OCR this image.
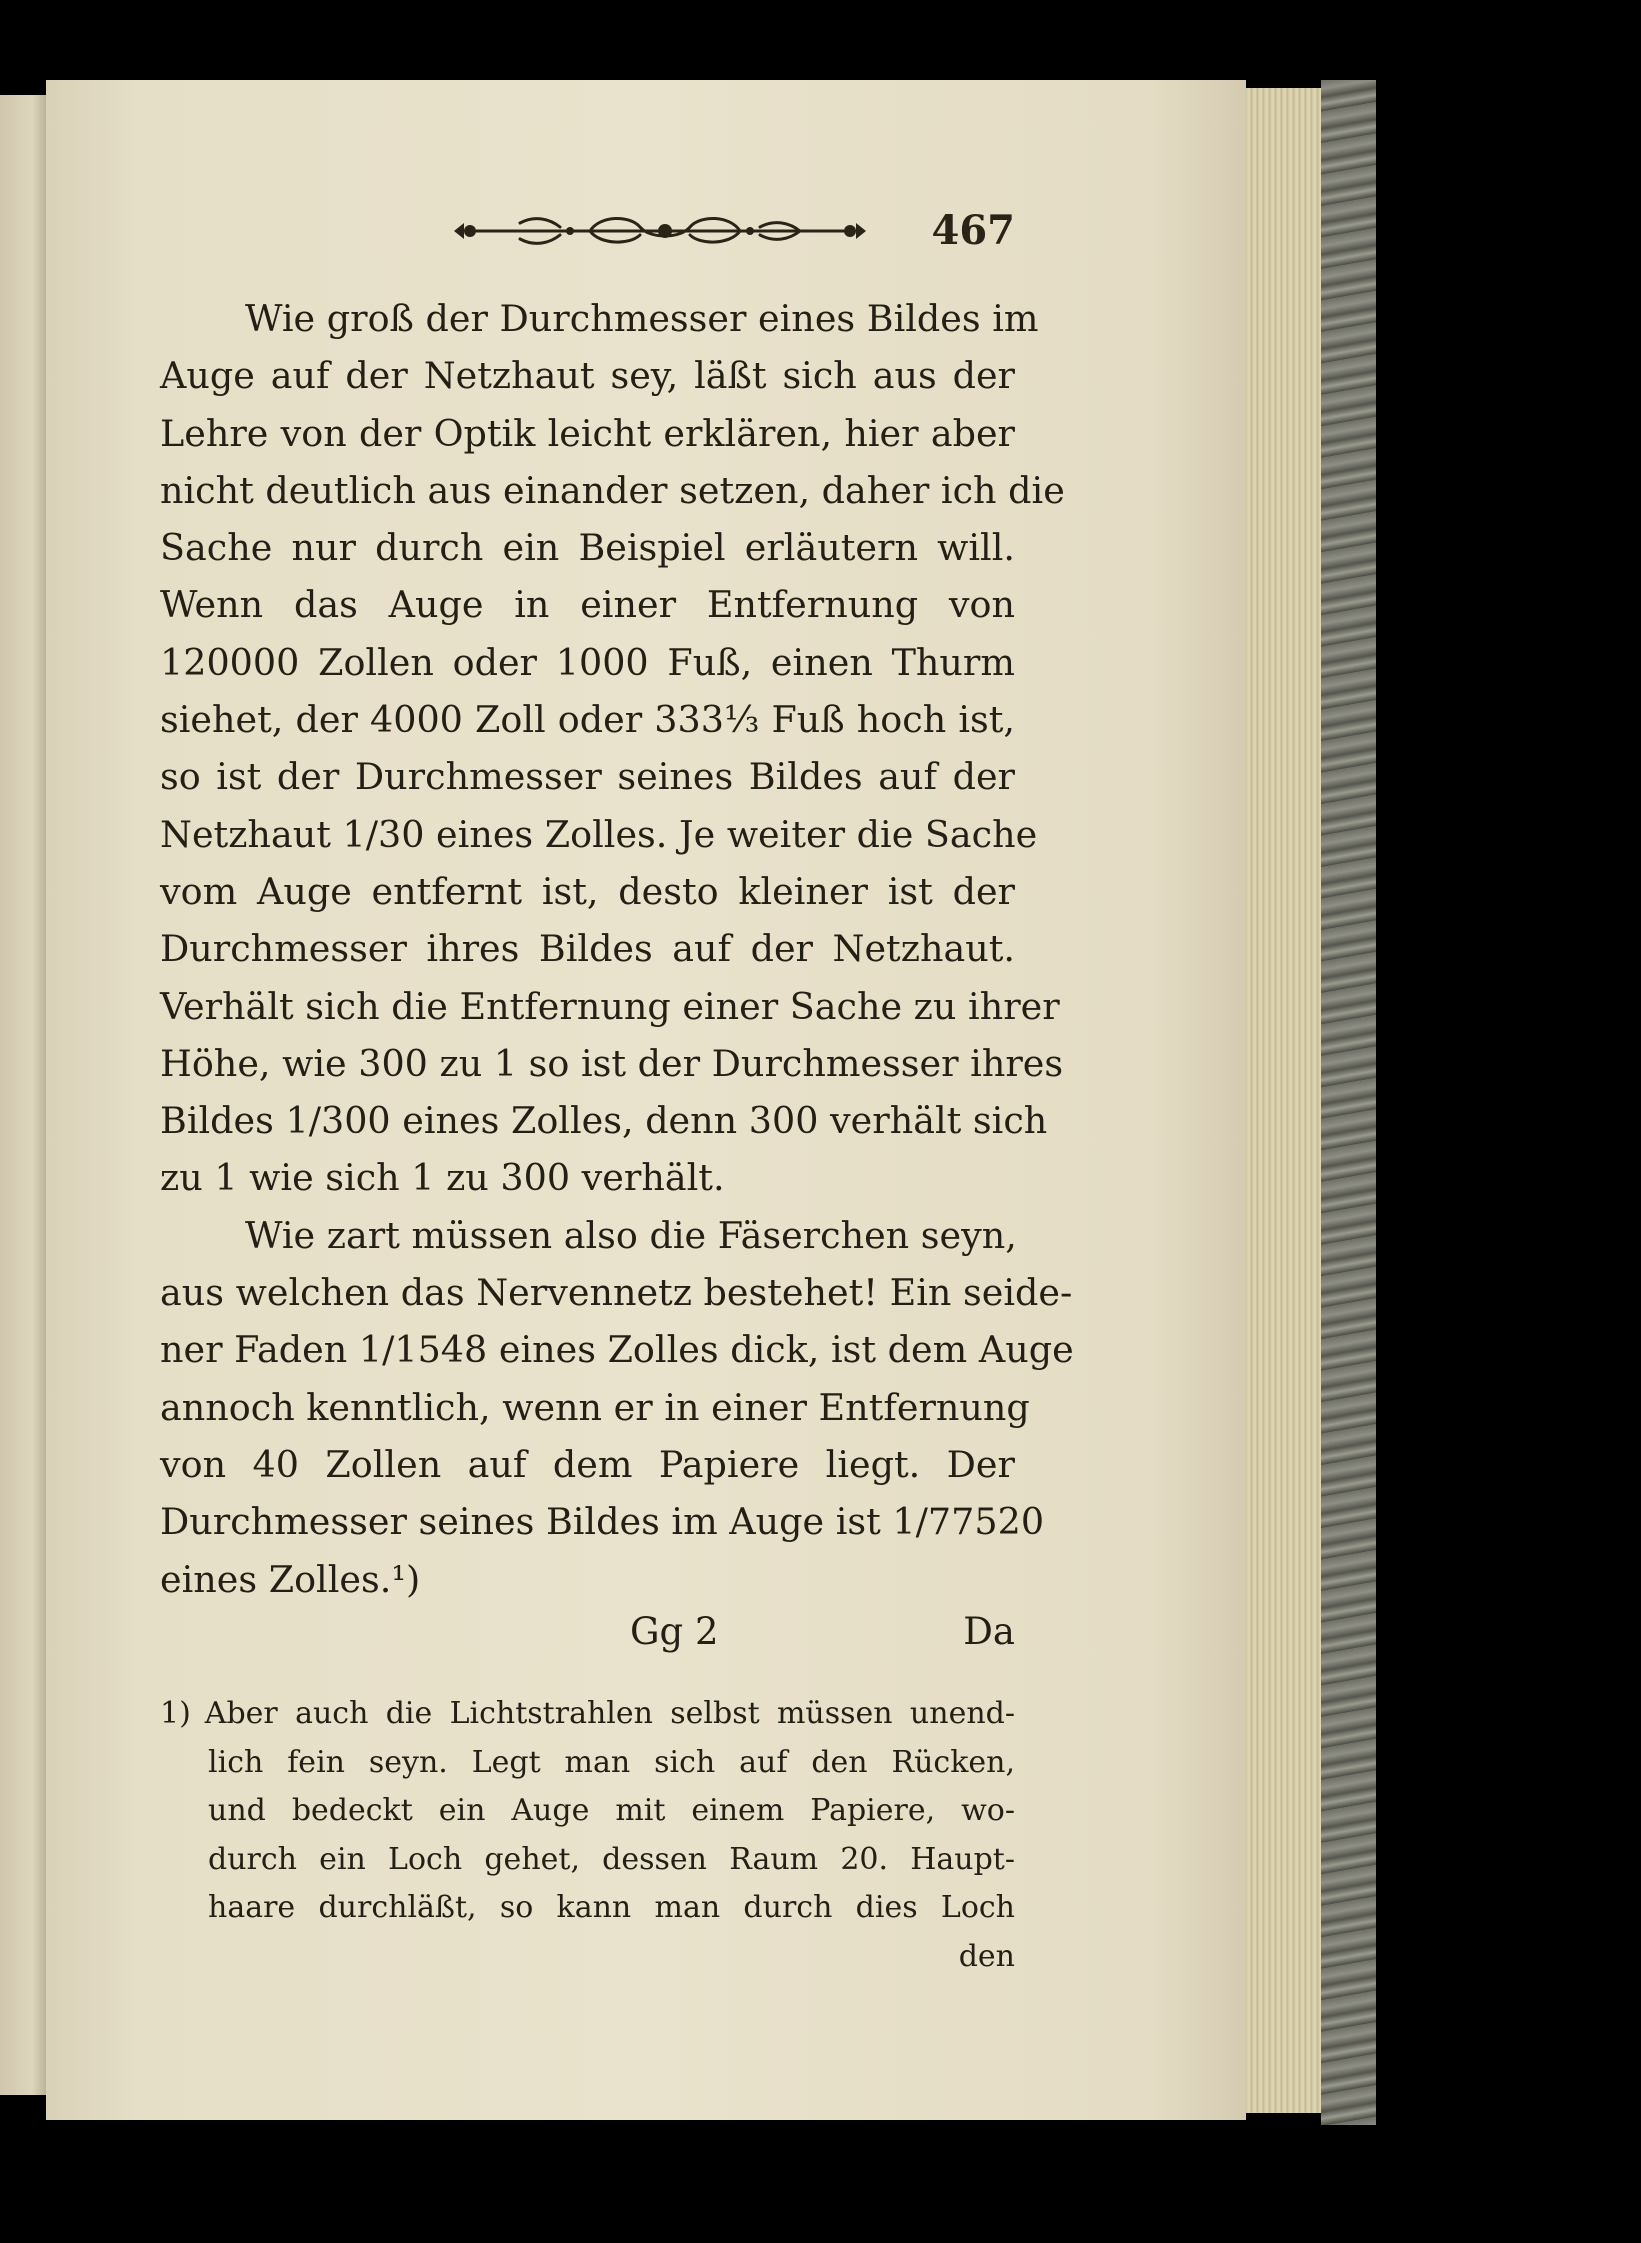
467
Wie groß der Durchmesser eines Bildes im
Auge auf der Netzhaut sey, läßt sich aus der
Lehre von der Optik leicht erklären, hier aber
nicht deutlich aus einander setzen, daher ich die
Sache nur durch ein Beispiel erläutern will.
Wenn das Auge in einer Entfernung von
120000 Zollen oder 1000 Fuß, einen Thurm
siehet, der 4000 Zoll oder 333⅓ Fuß hoch ist,
so ist der Durchmesser seines Bildes auf der
Netzhaut 1/30 eines Zolles. Je weiter die Sache
vom Auge entfernt ist, desto kleiner ist der
Durchmesser ihres Bildes auf der Netzhaut.
Verhält sich die Entfernung einer Sache zu ihrer
Höhe, wie 300 zu 1 so ist der Durchmesser ihres
Bildes 1/300 eines Zolles, denn 300 verhält sich
zu 1 wie sich 1 zu 300 verhält.
Wie zart müssen also die Fäserchen seyn,
aus welchen das Nervennetz bestehet! Ein seide-
ner Faden 1/1548 eines Zolles dick, ist dem Auge
annoch kenntlich, wenn er in einer Entfernung
von 40 Zollen auf dem Papiere liegt. Der
Durchmesser seines Bildes im Auge ist 1/77520
eines Zolles.¹)
Gg 2	Da
1) Aber auch die Lichtstrahlen selbst müssen unend-
lich fein seyn. Legt man sich auf den Rücken,
und bedeckt ein Auge mit einem Papiere, wo-
durch ein Loch gehet, dessen Raum 20. Haupt-
haare durchläßt, so kann man durch dies Loch
den
